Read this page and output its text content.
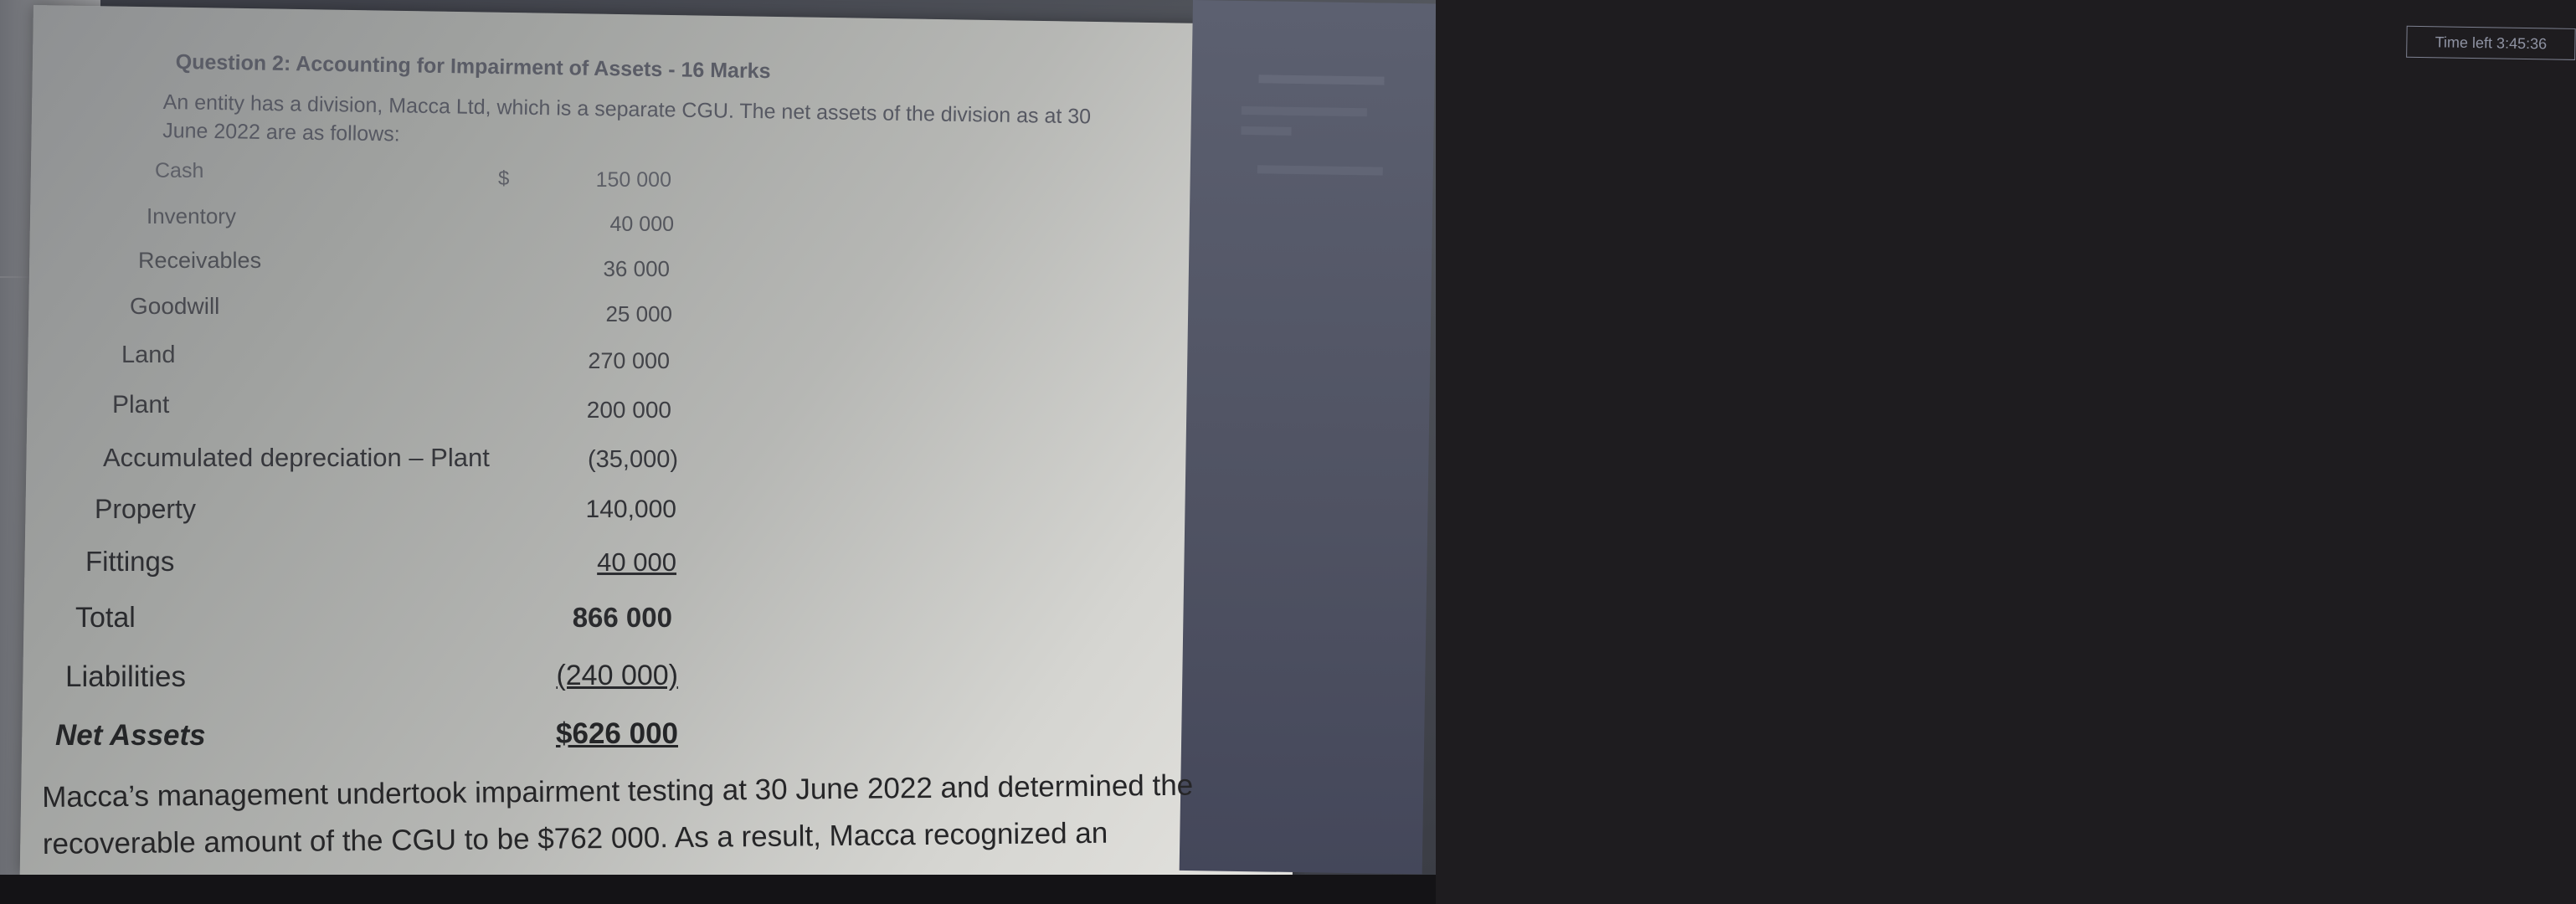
Time left 3:45:36
Question 2: Accounting for Impairment of Assets - 16 Marks
An entity has a division, Macca Ltd, which is a separate CGU. The net assets of the division as at 30 June 2022 are as follows:
$
Cash	150 000
Inventory	40 000
Receivables	36 000
Goodwill	25 000
Land	270 000
Plant	200 000
Accumulated depreciation – Plant	(35,000)
Property	140,000
Fittings	40 000
Total	866 000
Liabilities	(240 000)
Net Assets	$626 000
Macca’s management undertook impairment testing at 30 June 2022 and determined the recoverable amount of the CGU to be $762 000. As a result, Macca recognized an
